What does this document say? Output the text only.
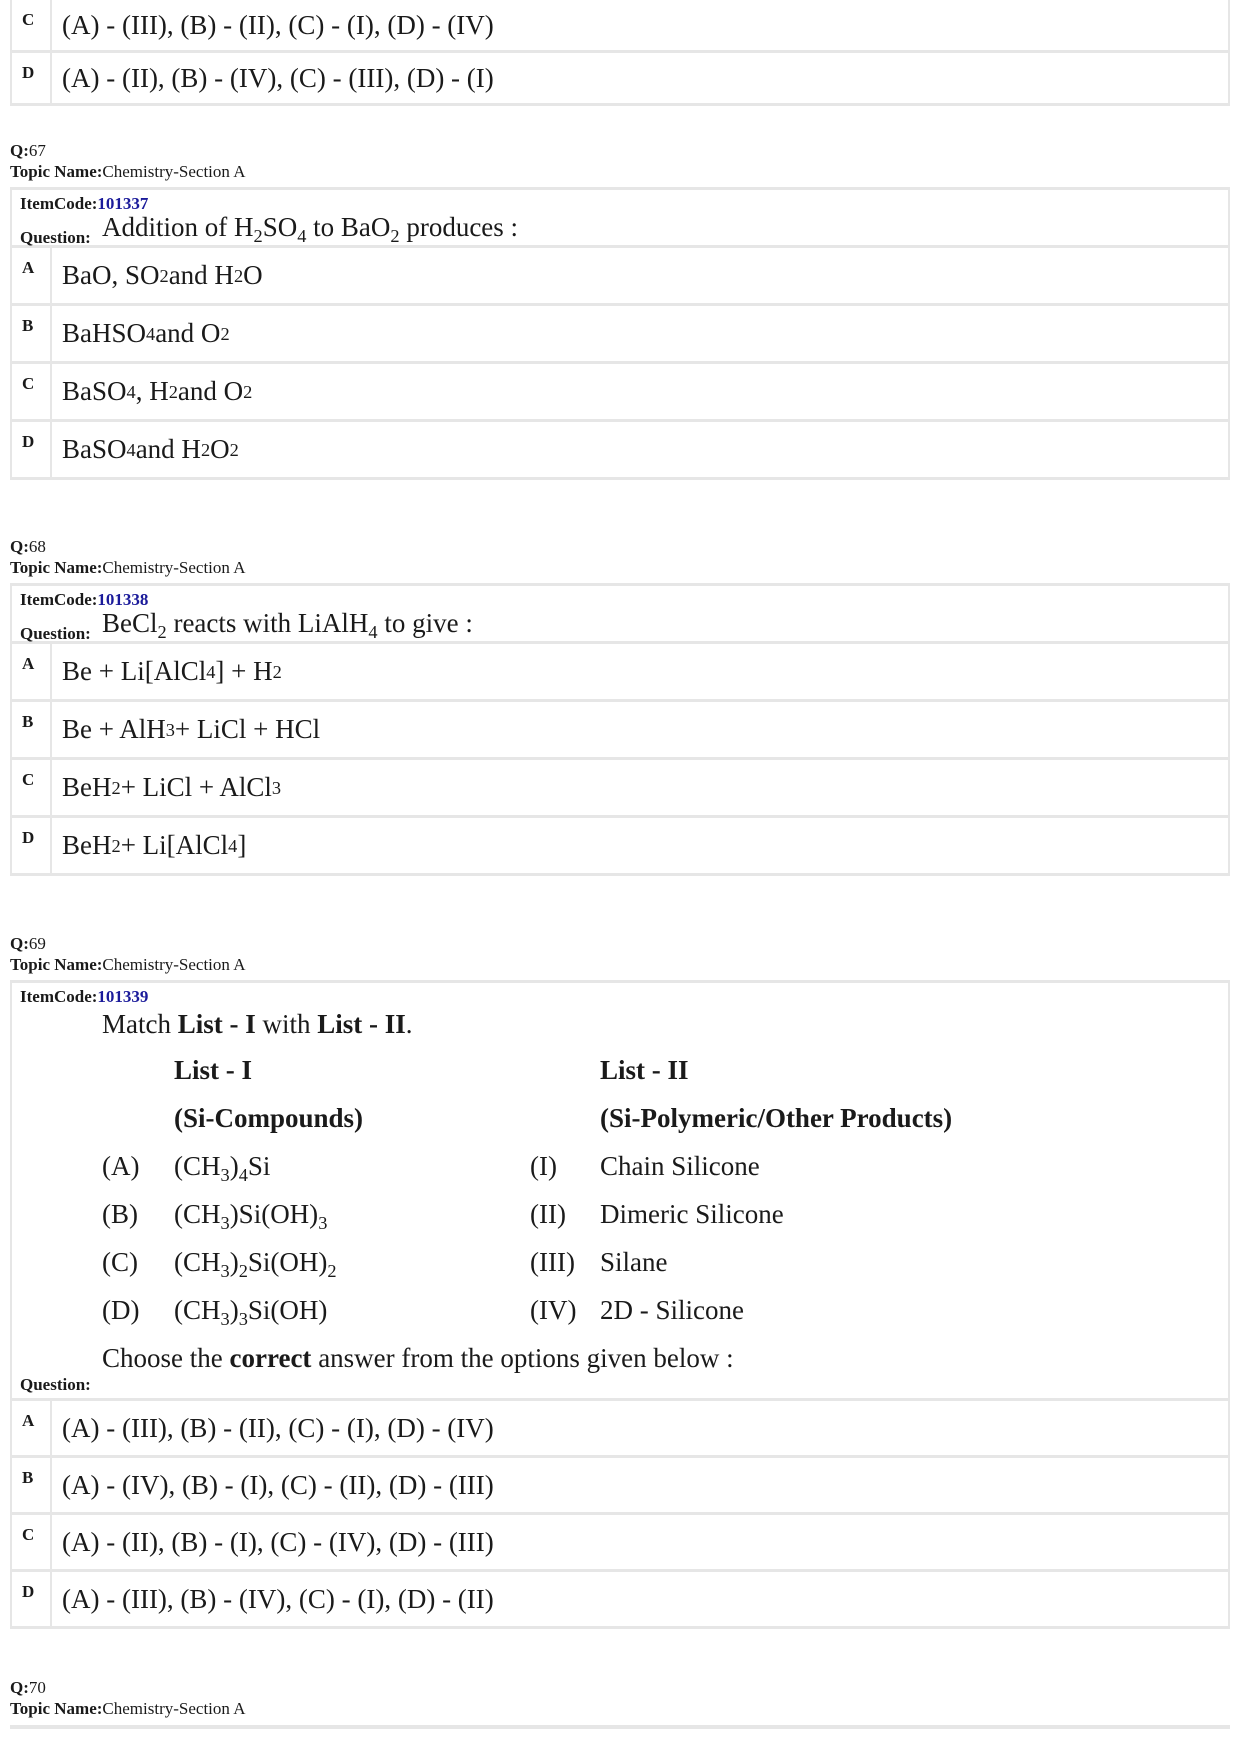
C	(A) - (III), (B) - (II), (C) - (I), (D) - (IV)
D	(A) - (II), (B) - (IV), (C) - (III), (D) - (I)
Q:67
Topic Name:Chemistry-Section A
ItemCode:101337
Addition of $H_2SO_4$ to BaO$_2$ produces :
Question:
A	BaO, SO 2 and H 2 O
B	BaHSO 4 and O 2
C	BaSO 4 , H 2 and O 2
D	BaSO 4 and H 2 O 2
Q:68
Topic Name:Chemistry-Section A
ItemCode:101338
BeCl$_2$ reacts with LiAlH$_4$ to give :
Question:
A	Be + Li[AlCl 4 ] + H 2
B	Be + AlH 3 + LiCl + HCl
C	BeH 2 + LiCl + AlCl 3
D	BeH 2 + Li[AlCl 4 ]
Q:69
Topic Name:Chemistry-Section A
ItemCode:101339
Match List - I with List - II.
List - I	List - II
(Si-Compounds)	(Si-Polymeric/Other Products)
(A) $(CH_3)_4Si$	(I) Chain Silicone
(B) $(CH_3)Si(OH)_3$	(II) Dimeric Silicone
(C) $(CH_3)_2Si(OH)_2$	(III) Silane
(D) $(CH_3)_3Si(OH)$	(IV) 2D - Silicone
Choose the correct answer from the options given below :
Question:
A	(A) - (III), (B) - (II), (C) - (I), (D) - (IV)
B	(A) - (IV), (B) - (I), (C) - (II), (D) - (III)
C	(A) - (II), (B) - (I), (C) - (IV), (D) - (III)
D	(A) - (III), (B) - (IV), (C) - (I), (D) - (II)
Q:70
Topic Name:Chemistry-Section A
